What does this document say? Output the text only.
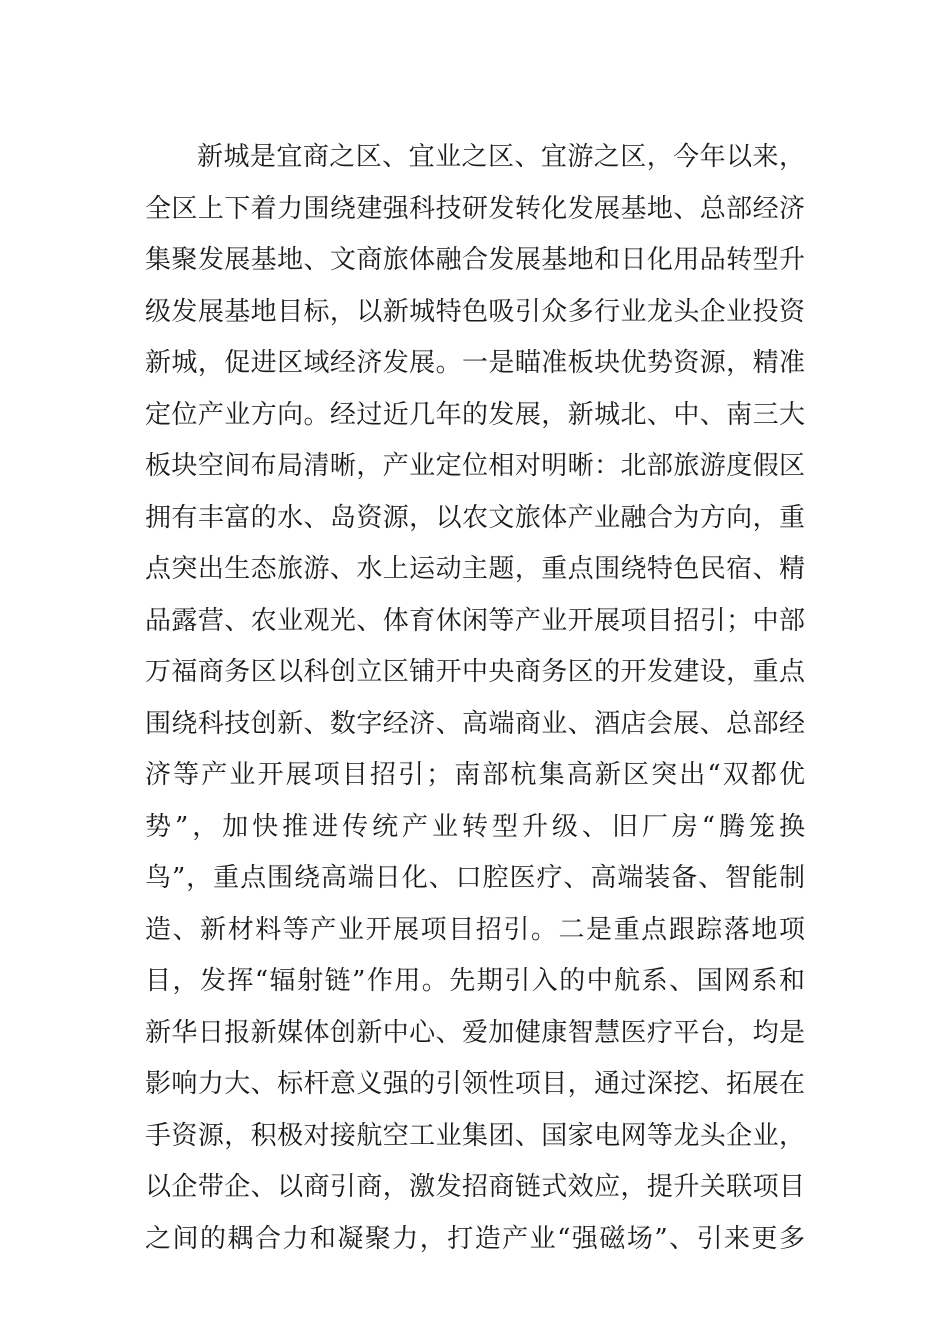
新城是宜商之区、宜业之区、宜游之区，今年以来，
全区上下着力围绕建强科技研发转化发展基地、总部经济
集聚发展基地、文商旅体融合发展基地和日化用品转型升
级发展基地目标，以新城特色吸引众多行业龙头企业投资
新城，促进区域经济发展。一是瞄准板块优势资源，精准
定位产业方向。经过近几年的发展，新城北、中、南三大
板块空间布局清晰，产业定位相对明晰：北部旅游度假区
拥有丰富的水、岛资源，以农文旅体产业融合为方向，重
点突出生态旅游、水上运动主题，重点围绕特色民宿、精
品露营、农业观光、体育休闲等产业开展项目招引；中部
万福商务区以科创立区铺开中央商务区的开发建设，重点
围绕科技创新、数字经济、高端商业、酒店会展、总部经
济等产业开展项目招引；南部杭集高新区突出“双都优
势”，加快推进传统产业转型升级、旧厂房“腾笼换
鸟”，重点围绕高端日化、口腔医疗、高端装备、智能制
造、新材料等产业开展项目招引。二是重点跟踪落地项
目，发挥“辐射链”作用。先期引入的中航系、国网系和
新华日报新媒体创新中心、爱加健康智慧医疗平台，均是
影响力大、标杆意义强的引领性项目，通过深挖、拓展在
手资源，积极对接航空工业集团、国家电网等龙头企业，
以企带企、以商引商，激发招商链式效应，提升关联项目
之间的耦合力和凝聚力，打造产业“强磁场”、引来更多
